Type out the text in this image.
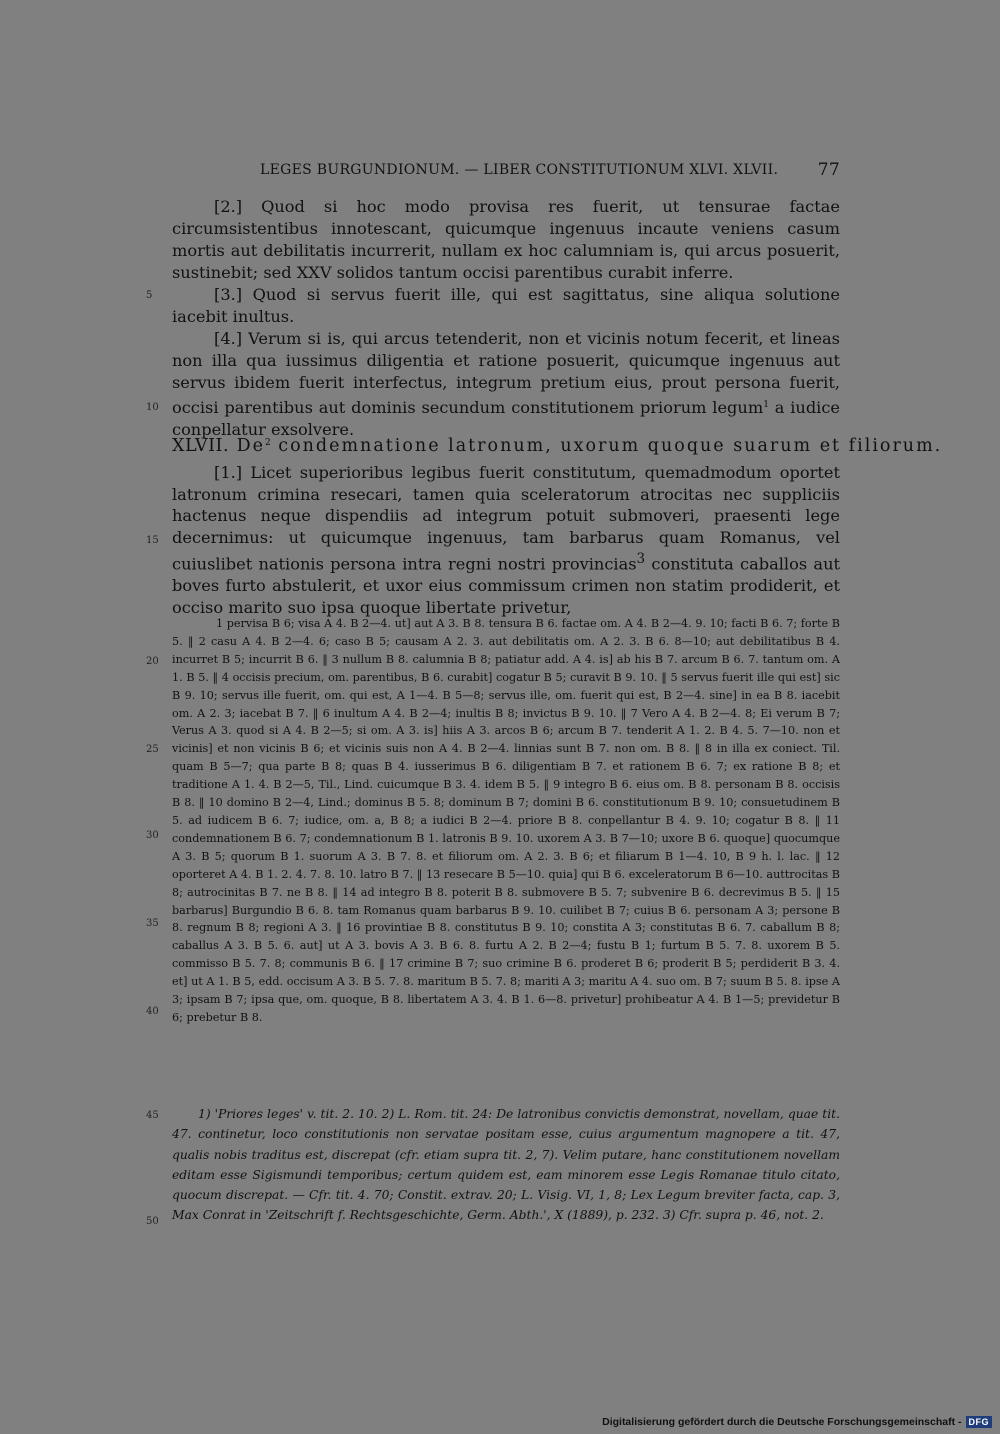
LEGES BURGUNDIONUM. — LIBER CONSTITUTIONUM XLVI. XLVII. 77

[2.] Quod si hoc modo provisa res fuerit, ut tensurae factae circumsistentibus innotescant, quicumque ingenuus incaute veniens casum mortis aut debilitatis incurrerit, nullam ex hoc calumniam is, qui arcus posuerit, sustinebit; sed XXV solidos tantum occisi parentibus curabit inferre.

[3.] Quod si servus fuerit ille, qui est sagittatus, sine aliqua solutione iacebit inultus.

[4.] Verum si is, qui arcus tetenderit, non et vicinis notum fecerit, et lineas non illa qua iussimus diligentia et ratione posuerit, quicumque ingenuus aut servus ibidem fuerit interfectus, integrum pretium eius, prout persona fuerit, occisi parentibus aut dominis secundum constitutionem priorum legum$^1$ a iudice conpellatur exsolvere.

XLVII. De$^2$ condemnatione latronum, uxorum quoque suarum et filiorum.

[1.] Licet superioribus legibus fuerit constitutum, quemadmodum oportet latronum crimina resecari, tamen quia sceleratorum atrocitas nec suppliciis hactenus neque dispendiis ad integrum potuit submoveri, praesenti lege decernimus: ut quicumque ingenuus, tam barbarus quam Romanus, vel cuiuslibet nationis persona intra regni nostri provincias$^3$ constituta caballos aut boves furto abstulerit, et uxor eius commissum crimen non statim prodiderit, et occiso marito suo ipsa quoque libertate privetur,

5
10
15
20
25
30
35
40
45
50

1 pervisa B 6; visa A 4. B 2—4. ut] aut A 3. B 8. tensura B 6. factae om. A 4. B 2—4. 9. 10; facti B 6. 7; forte B 5. ‖ 2 casu A 4. B 2—4. 6; caso B 5; causam A 2. 3. aut debilitatis om. A 2. 3. B 6. 8—10; aut debilitatibus B 4. incurret B 5; incurrit B 6. ‖ 3 nullum B 8. calumnia B 8; patiatur add. A 4. is] ab his B 7. arcum B 6. 7. tantum om. A 1. B 5. ‖ 4 occisis precium, om. parentibus, B 6. curabit] cogatur B 5; curavit B 9. 10. ‖ 5 servus fuerit ille qui est] sic B 9. 10; servus ille fuerit, om. qui est, A 1—4. B 5—8; servus ille, om. fuerit qui est, B 2—4. sine] in ea B 8. iacebit om. A 2. 3; iacebat B 7. ‖ 6 inultum A 4. B 2—4; inultis B 8; invictus B 9. 10. ‖ 7 Vero A 4. B 2—4. 8; Ei verum B 7; Verus A 3. quod si A 4. B 2—5; si om. A 3. is] hiis A 3. arcos B 6; arcum B 7. tenderit A 1. 2. B 4. 5. 7—10. non et vicinis] et non vicinis B 6; et vicinis suis non A 4. B 2—4. linnias sunt B 7. non om. B 8. ‖ 8 in illa ex coniect. Til. quam B 5—7; qua parte B 8; quas B 4. iusserimus B 6. diligentiam B 7. et rationem B 6. 7; ex ratione B 8; et traditione A 1. 4. B 2—5, Til., Lind. cuicumque B 3. 4. idem B 5. ‖ 9 integro B 6. eius om. B 8. personam B 8. occisis B 8. ‖ 10 domino B 2—4, Lind.; dominus B 5. 8; dominum B 7; domini B 6. constitutionum B 9. 10; consuetudinem B 5. ad iudicem B 6. 7; iudice, om. a, B 8; a iudici B 2—4. priore B 8. conpellantur B 4. 9. 10; cogatur B 8. ‖ 11 condemnationem B 6. 7; condemnationum B 1. latronis B 9. 10. uxorem A 3. B 7—10; uxore B 6. quoque] quocumque A 3. B 5; quorum B 1. suorum A 3. B 7. 8. et filiorum om. A 2. 3. B 6; et filiarum B 1—4. 10, B 9 h. l. lac. ‖ 12 oporteret A 4. B 1. 2. 4. 7. 8. 10. latro B 7. ‖ 13 resecare B 5—10. quia] qui B 6. exceleratorum B 6—10. auttrocitas B 8; autrocinitas B 7. ne B 8. ‖ 14 ad integro B 8. poterit B 8. submovere B 5. 7; subvenire B 6. decrevimus B 5. ‖ 15 barbarus] Burgundio B 6. 8. tam Romanus quam barbarus B 9. 10. cuilibet B 7; cuius B 6. personam A 3; persone B 8. regnum B 8; regioni A 3. ‖ 16 provintiae B 8. constitutus B 9. 10; constita A 3; constitutas B 6. 7. caballum B 8; caballus A 3. B 5. 6. aut] ut A 3. bovis A 3. B 6. 8. furtu A 2. B 2—4; fustu B 1; furtum B 5. 7. 8. uxorem B 5. commisso B 5. 7. 8; communis B 6. ‖ 17 crimine B 7; suo crimine B 6. proderet B 6; proderit B 5; perdiderit B 3. 4. et] ut A 1. B 5, edd. occisum A 3. B 5. 7. 8. maritum B 5. 7. 8; mariti A 3; maritu A 4. suo om. B 7; suum B 5. 8. ipse A 3; ipsam B 7; ipsa que, om. quoque, B 8. libertatem A 3. 4. B 1. 6—8. privetur] prohibeatur A 4. B 1—5; previdetur B 6; prebetur B 8.

1) 'Priores leges' v. tit. 2. 10. 2) L. Rom. tit. 24: De latronibus convictis demonstrat, novellam, quae tit. 47. continetur, loco constitutionis non servatae positam esse, cuius argumentum magnopere a tit. 47, qualis nobis traditus est, discrepat (cfr. etiam supra tit. 2, 7). Velim putare, hanc constitutionem novellam editam esse Sigismundi temporibus; certum quidem est, eam minorem esse Legis Romanae titulo citato, quocum discrepat. — Cfr. tit. 4. 70; Constit. extrav. 20; L. Visig. VI, 1, 8; Lex Legum breviter facta, cap. 3, Max Conrat in 'Zeitschrift f. Rechtsgeschichte, Germ. Abth.', X (1889), p. 232. 3) Cfr. supra p. 46, not. 2.

Digitalisierung gefördert durch die Deutsche Forschungsgemeinschaft - DFG
